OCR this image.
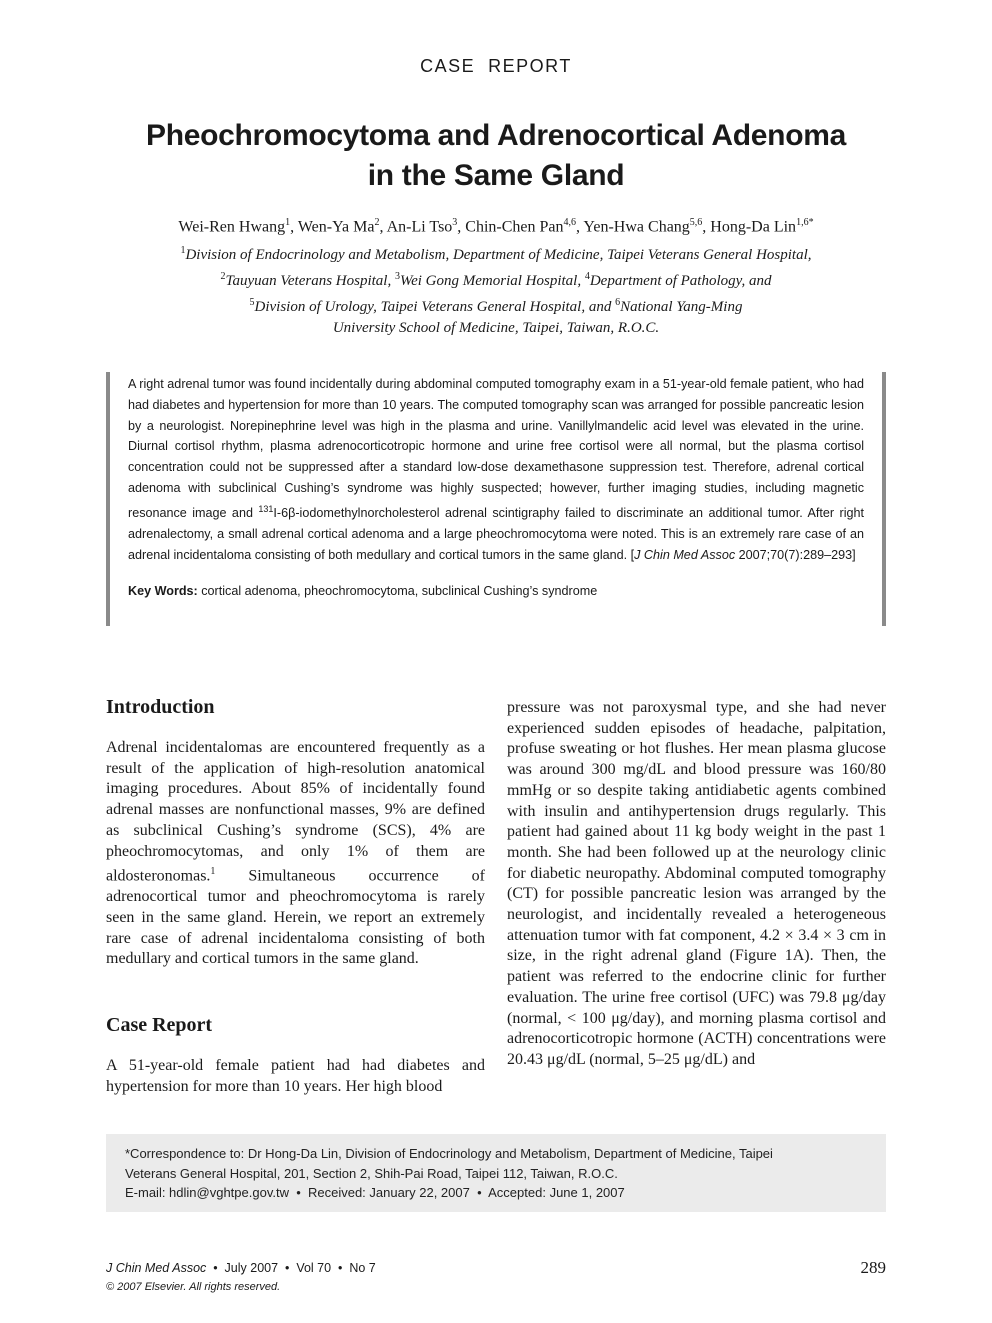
CASE  REPORT
Pheochromocytoma and Adrenocortical Adenoma
in the Same Gland
Wei-Ren Hwang$^1$, Wen-Ya Ma$^2$, An-Li Tso$^3$, Chin-Chen Pan$^{4,6}$, Yen-Hwa Chang$^{5,6}$, Hong-Da Lin$^{1,6*}$
$^1$Division of Endocrinology and Metabolism, Department of Medicine, Taipei Veterans General Hospital,
$^2$Tauyuan Veterans Hospital, $^3$Wei Gong Memorial Hospital, $^4$Department of Pathology, and
$^5$Division of Urology, Taipei Veterans General Hospital, and $^6$National Yang-Ming
University School of Medicine, Taipei, Taiwan, R.O.C.

A right adrenal tumor was found incidentally during abdominal computed tomography exam in a 51-year-old female patient, who had had diabetes and hypertension for more than 10 years. The computed tomography scan was arranged for possible pancreatic lesion by a neurologist. Norepinephrine level was high in the plasma and urine. Vanillylmandelic acid level was elevated in the urine. Diurnal cortisol rhythm, plasma adrenocorticotropic hormone and urine free cortisol were all normal, but the plasma cortisol concentration could not be suppressed after a standard low-dose dexamethasone suppression test. Therefore, adrenal cortical adenoma with subclinical Cushing’s syndrome was highly suspected; however, further imaging studies, including magnetic resonance image and $^{131}$I-6β-iodomethylnorcholesterol adrenal scintigraphy failed to discriminate an additional tumor. After right adrenalectomy, a small adrenal cortical adenoma and a large pheochromocytoma were noted. This is an extremely rare case of an adrenal incidentaloma consisting of both medullary and cortical tumors in the same gland. [J Chin Med Assoc 2007;70(7):289–293]

Key Words: cortical adenoma, pheochromocytoma, subclinical Cushing’s syndrome

Introduction

Adrenal incidentalomas are encountered frequently as a result of the application of high-resolution anatomical imaging procedures. About 85% of incidentally found adrenal masses are nonfunctional masses, 9% are defined as subclinical Cushing’s syndrome (SCS), 4% are pheochromocytomas, and only 1% of them are aldosteronomas.$^1$ Simultaneous occurrence of adrenocortical tumor and pheochromocytoma is rarely seen in the same gland. Herein, we report an extremely rare case of adrenal incidentaloma consisting of both medullary and cortical tumors in the same gland.

Case Report

A 51-year-old female patient had had diabetes and hypertension for more than 10 years. Her high blood

pressure was not paroxysmal type, and she had never experienced sudden episodes of headache, palpitation, profuse sweating or hot flushes. Her mean plasma glucose was around 300 mg/dL and blood pressure was 160/80 mmHg or so despite taking antidiabetic agents combined with insulin and antihypertension drugs regularly. This patient had gained about 11 kg body weight in the past 1 month. She had been followed up at the neurology clinic for diabetic neuropathy. Abdominal computed tomography (CT) for possible pancreatic lesion was arranged by the neurologist, and incidentally revealed a heterogeneous attenuation tumor with fat component, 4.2 × 3.4 × 3 cm in size, in the right adrenal gland (Figure 1A). Then, the patient was referred to the endocrine clinic for further evaluation. The urine free cortisol (UFC) was 79.8 μg/day (normal, < 100 μg/day), and morning plasma cortisol and adrenocorticotropic hormone (ACTH) concentrations were 20.43 μg/dL (normal, 5–25 μg/dL) and

*Correspondence to: Dr Hong-Da Lin, Division of Endocrinology and Metabolism, Department of Medicine, Taipei

Veterans General Hospital, 201, Section 2, Shih-Pai Road, Taipei 112, Taiwan, R.O.C.

E-mail: hdlin@vghtpe.gov.tw  •  Received: January 22, 2007  •  Accepted: June 1, 2007

J Chin Med Assoc  •  July 2007  •  Vol 70  •  No 7
© 2007 Elsevier. All rights reserved.
289
